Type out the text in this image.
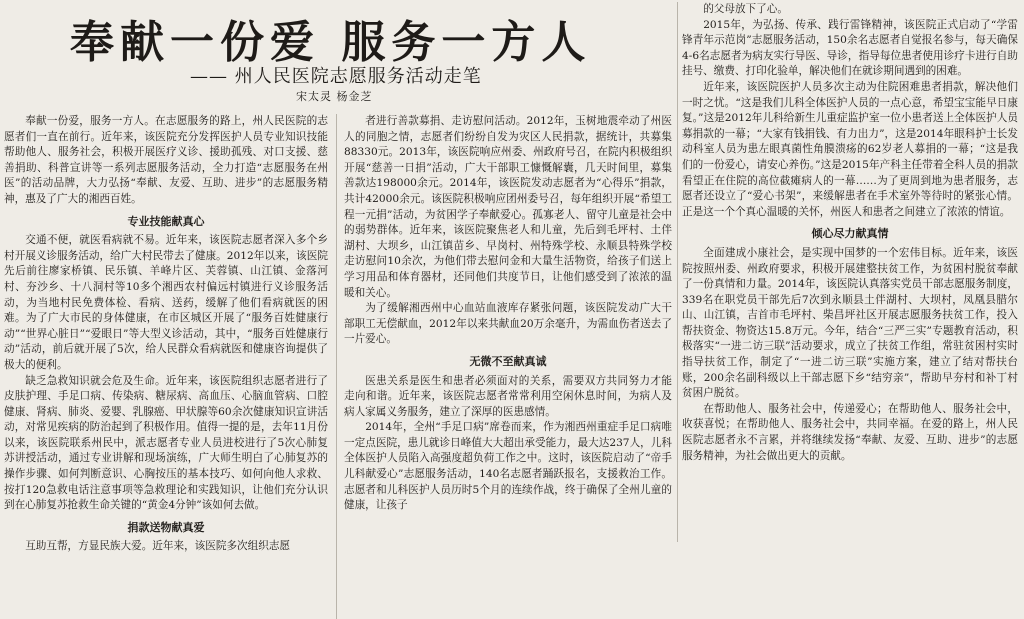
奉献一份爱 服务一方人
—— 州人民医院志愿服务活动走笔
宋太灵 杨金芝

奉献一份爱，服务一方人。在志愿服务的路上，州人民医院的志愿者们一直在前行。近年来，该医院充分发挥医护人员专业知识技能帮助他人、服务社会，积极开展医疗义诊、援助孤残、对口支援、慈善捐助、科普宣讲等一系列志愿服务活动，全力打造“志愿服务在州医”的活动品牌，大力弘扬“奉献、友爱、互助、进步”的志愿服务精神，惠及了广大的湘西百姓。

专业技能献真心

交通不便，就医看病就不易。近年来，该医院志愿者深入多个乡村开展义诊服务活动，给广大村民带去了健康。2012年以来，该医院先后前往廖家桥镇、民乐镇、羊峰片区、芙蓉镇、山江镇、金落河村、夯沙乡、十八洞村等10多个湘西农村偏远村镇进行义诊服务活动，为当地村民免费体检、看病、送药，缓解了他们看病就医的困难。为了广大市民的身体健康，在市区城区开展了“服务百姓健康行动”“世界心脏日”“爱眼日”等大型义诊活动，其中，“服务百姓健康行动”活动，前后就开展了5次，给人民群众看病就医和健康咨询提供了极大的便利。

缺乏急救知识就会危及生命。近年来，该医院组织志愿者进行了皮肤护理、手足口病、传染病、糖尿病、高血压、心脑血管病、口腔健康、肾病、肺炎、爱婴、乳腺癌、甲状腺等60余次健康知识宣讲活动，对常见疾病的防治起到了积极作用。值得一提的是，去年11月份以来，该医院联系州民中，派志愿者专业人员进校进行了5次心肺复苏讲授活动，通过专业讲解和现场演练，广大师生明白了心肺复苏的操作步骤、如何判断意识、心胸按压的基本技巧、如何向他人求救、按打120急救电话注意事项等急救理论和实践知识，让他们充分认识到在心肺复苏抢救生命关键的“黄金4分钟”该如何去做。

捐款送物献真爱

互助互帮，方显民族大爱。近年来，该医院多次组织志愿

者进行善款募捐、走访慰问活动。2012年，玉树地震牵动了州医人的同胞之情，志愿者们纷纷自发为灾区人民捐款，据统计，共募集88330元。2013年，该医院响应州委、州政府号召，在院内积极组织开展“慈善一日捐”活动，广大干部职工慷慨解囊，几天时间里，募集善款达198000余元。2014年，该医院发动志愿者为“心得乐”捐款，共计42000余元。该医院积极响应团州委号召，每年组织开展“希望工程一元捐”活动，为贫困学子奉献爱心。孤寡老人、留守儿童是社会中的弱势群体。近年来，该医院聚焦老人和儿童，先后到毛坪村、土伴湖村、大坝乡，山江镇苗乡、早岗村、州特殊学校、永顺县特殊学校走访慰问10余次，为他们带去慰问金和大量生活物资，给孩子们送上学习用品和体育器材，还同他们共度节日，让他们感受到了浓浓的温暖和关心。

为了缓解湘西州中心血站血液库存紧张问题，该医院发动广大干部职工无偿献血，2012年以来共献血20万余毫升，为需血伤者送去了一片爱心。

无微不至献真诚

医患关系是医生和患者必须面对的关系，需要双方共同努力才能走向和谐。近年来，该医院志愿者常常利用空闲休息时间，为病人及病人家属义务服务，建立了深厚的医患感情。

2014年，全州“手足口病”席卷而来，作为湘西州重症手足口病唯一定点医院，患儿就诊日峰值大大超出承受能力，最大达237人，儿科全体医护人员陷入高强度超负荷工作之中。这时，该医院启动了“帝手儿科献爱心”志愿服务活动，140名志愿者踊跃报名，支援救治工作。志愿者和儿科医护人员历时5个月的连续作战，终于确保了全州儿童的健康，让孩子

的父母放下了心。

2015年，为弘扬、传承、践行雷锋精神，该医院正式启动了“学雷锋青年示范岗”志愿服务活动，150余名志愿者自觉报名参与，每天确保4-6名志愿者为病友实行导医、导诊，指导每位患者使用诊疗卡进行自助挂号、缴费、打印化验单，解决他们在就诊期间遇到的困难。

近年来，该医院医护人员多次主动为住院困难患者捐款，解决他们一时之忧。“这是我们儿科全体医护人员的一点心意，希望宝宝能早日康复。”这是2012年儿科给新生儿重症监护室一位小患者送上全体医护人员募捐款的一幕；“大家有钱捐钱、有力出力”，这是2014年眼科护士长发动科室人员为患左眼真菌性角膜溃疡的62岁老人募捐的一幕；“这是我们的一份爱心，请安心养伤。”这是2015年产科主任带着全科人员的捐款看望正在住院的高位截瘫病人的一幕……为了更周到地为患者服务，志愿者还设立了“爱心书架”，来缓解患者在手术室外等待时的紧张心情。正是这一个个真心温暖的关怀，州医人和患者之间建立了浓浓的情谊。

倾心尽力献真情

全面建成小康社会，是实现中国梦的一个宏伟目标。近年来，该医院按照州委、州政府要求，积极开展建整扶贫工作，为贫困村脱贫奉献了一份真情和力量。2014年，该医院认真落实党员干部志愿服务制度，339名在职党员干部先后7次到永顺县土伴湖村、大坝村，凤凰县腊尔山、山江镇，吉首市毛坪村、柴昌坪社区开展志愿服务扶贫工作，投入帮扶资金、物资达15.8万元。今年，结合“三严三实”专题教育活动，积极落实“一进二访三联”活动要求，成立了扶贫工作组，常驻贫困村实时指导扶贫工作，制定了“一进二访三联”实施方案，建立了结对帮扶台账，200余名副科级以上干部志愿下乡“结穷亲”，帮助早夯村和补丁村贫困户脱贫。

在帮助他人、服务社会中，传递爱心；在帮助他人、服务社会中，收获喜悦；在帮助他人、服务社会中，共同幸福。在爱的路上，州人民医院志愿者永不言累，并将继续发扬“奉献、友爱、互助、进步”的志愿服务精神，为社会做出更大的贡献。
